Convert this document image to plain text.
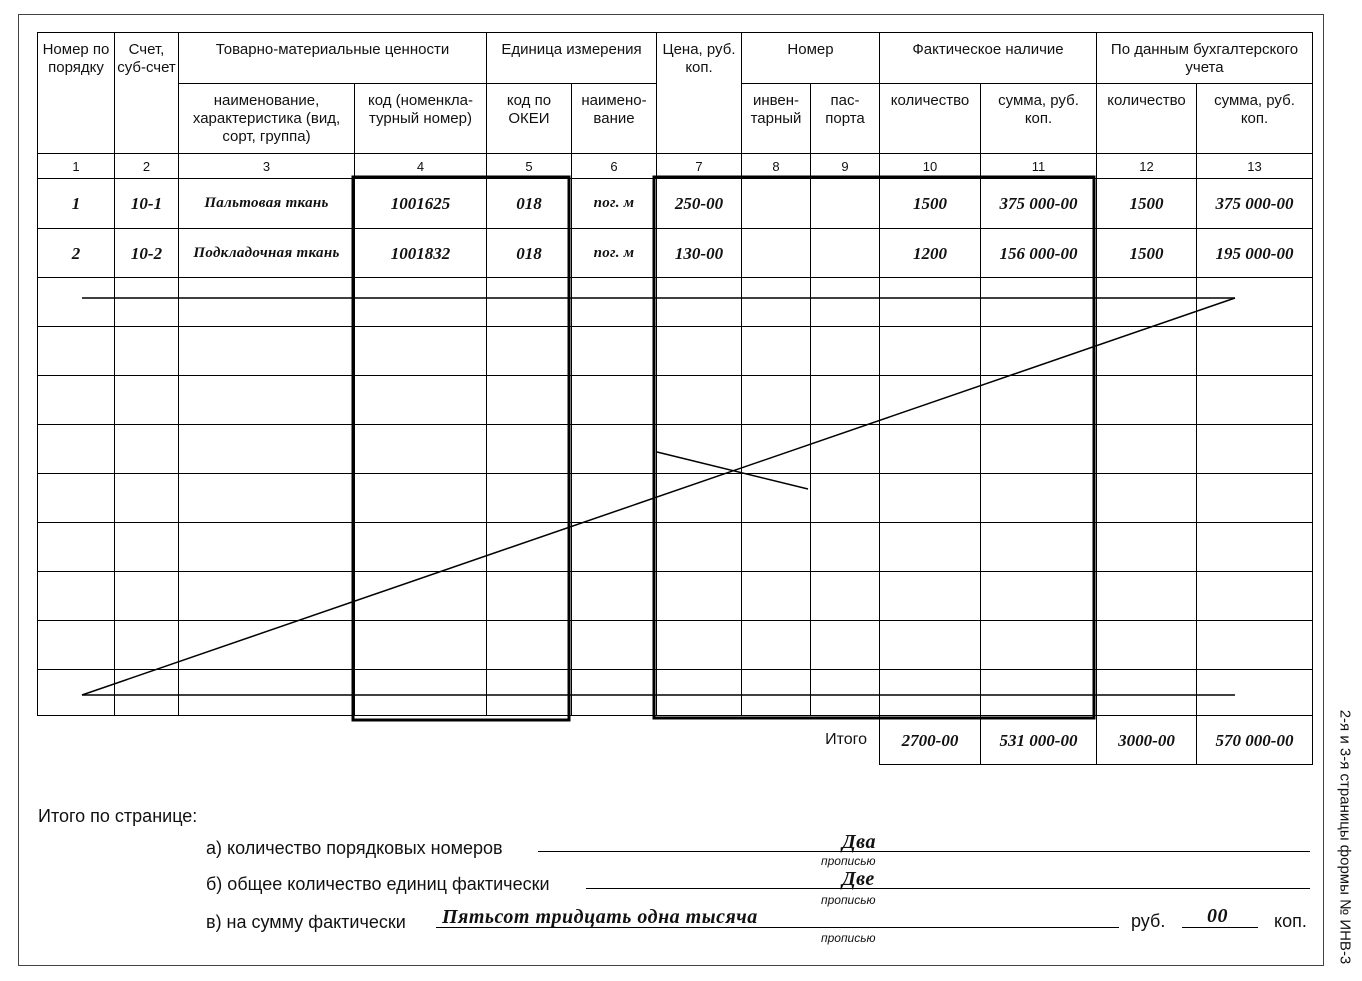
Номер по порядку	Счет, суб-счет	Товарно-материальные ценности		Единица измерения		Цена, руб. коп.	Номер		Фактическое наличие		По данным бухгалтерского учета	
		наименование, характеристика (вид, сорт, группа)	код (номенкла-турный номер)	код по ОКЕИ	наимено-вание		инвен-тарный	пас-порта	количество	сумма, руб. коп.	количество	сумма, руб. коп.
1	2	3	4	5	6	7	8	9	10	11	12	13
1	10-1	Пальтовая ткань	1001625	018	пог. м	250-00			1500	375 000-00	1500	375 000-00
2	10-2	Подкладочная ткань	1001832	018	пог. м	130-00			1200	156 000-00	1500	195 000-00

								Итого	2700-00	531 000-00	3000-00	570 000-00
Итого по странице:
а) количество порядковых номеров	Два
прописью
б) общее количество единиц фактически	Две
прописью
в) на сумму фактически Пятьсот тридцать одна тысяча
прописью
руб. 00	коп. 2-я и 3-я страницы формы № ИНВ-3
